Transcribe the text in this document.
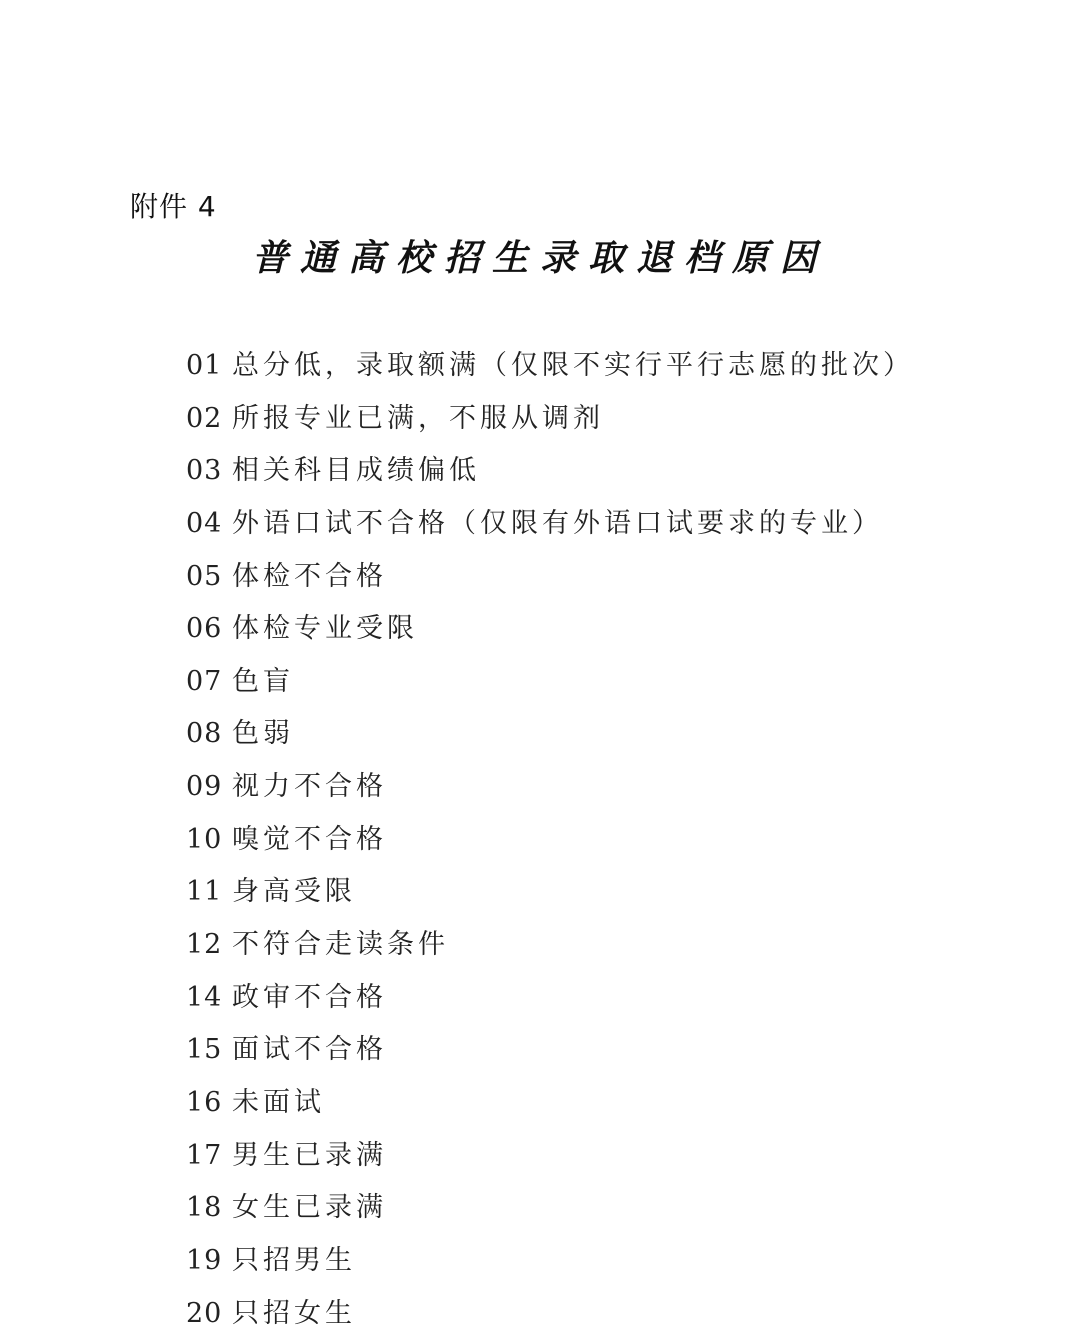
附件 4
普通高校招生录取退档原因
01 总分低，录取额满（仅限不实行平行志愿的批次）
02 所报专业已满，不服从调剂
03 相关科目成绩偏低
04 外语口试不合格（仅限有外语口试要求的专业）
05 体检不合格
06 体检专业受限
07 色盲
08 色弱
09 视力不合格
10 嗅觉不合格
11 身高受限
12 不符合走读条件
14 政审不合格
15 面试不合格
16 未面试
17 男生已录满
18 女生已录满
19 只招男生
20 只招女生
